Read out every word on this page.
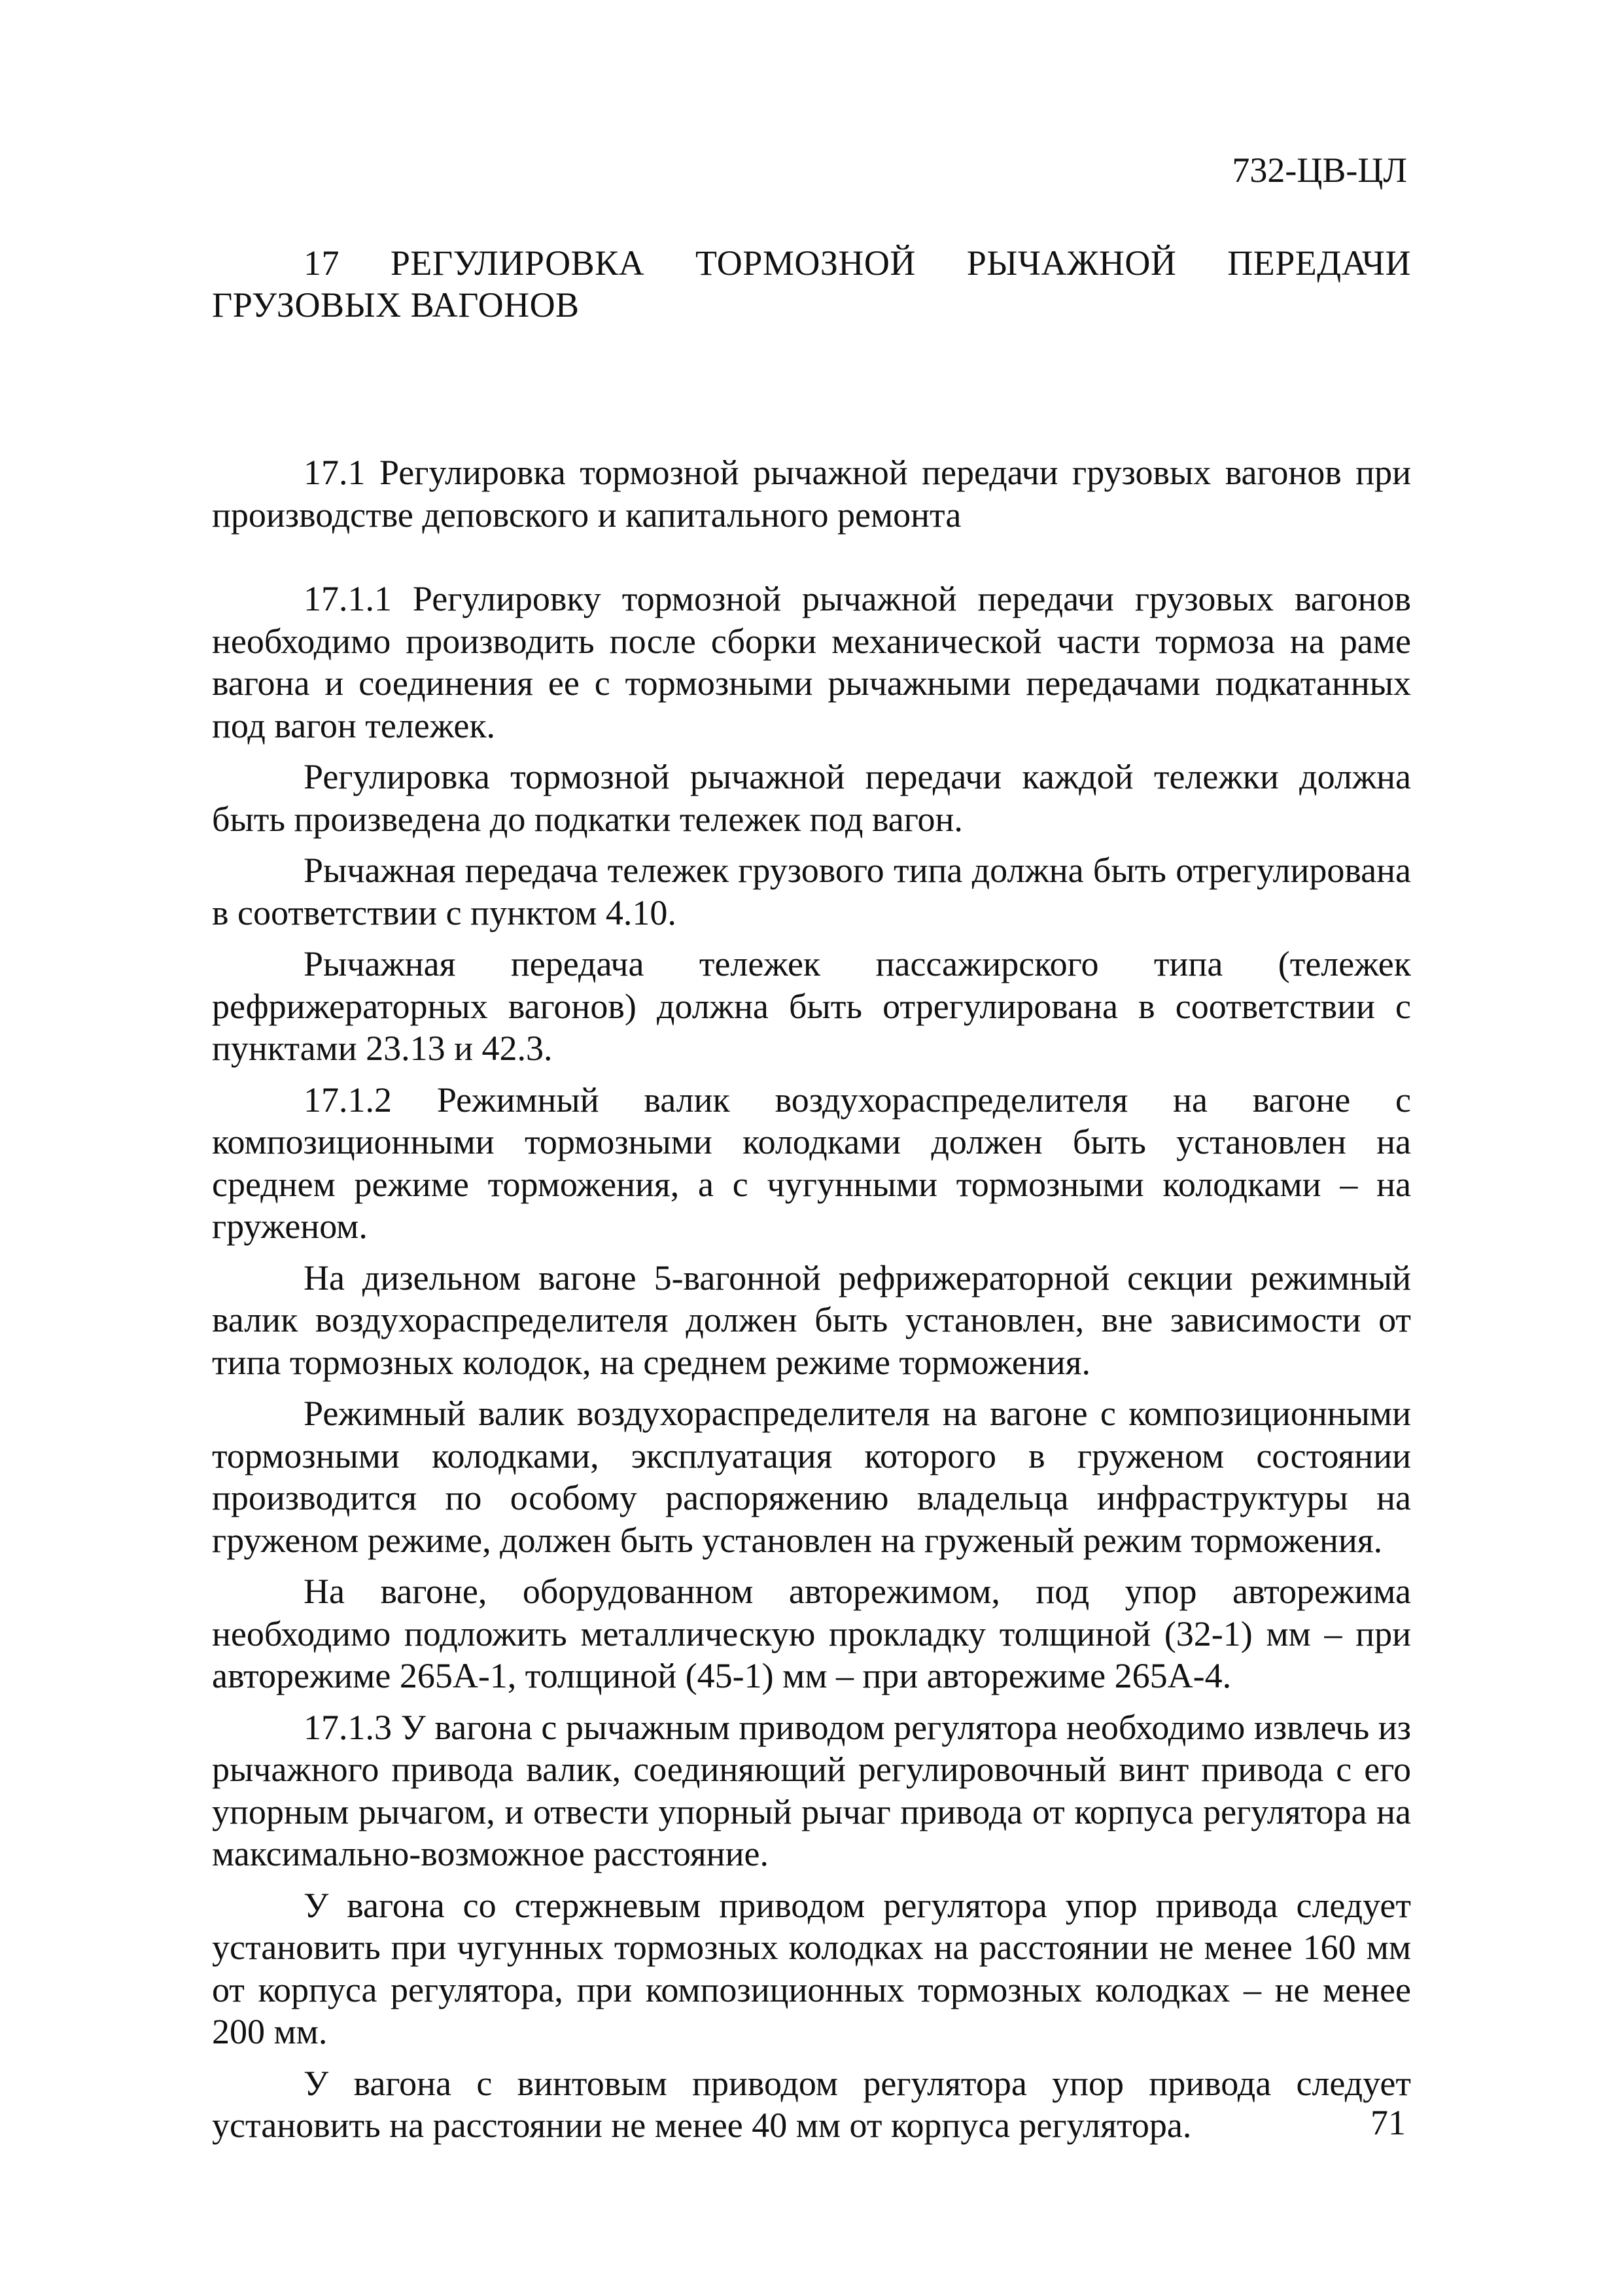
732-ЦВ-ЦЛ
17 РЕГУЛИРОВКА ТОРМОЗНОЙ РЫЧАЖНОЙ ПЕРЕДАЧИ ГРУЗОВЫХ ВАГОНОВ

17.1 Регулировка тормозной рычажной передачи грузовых вагонов при производстве деповского и капитального ремонта

17.1.1 Регулировку тормозной рычажной передачи грузовых вагонов необходимо производить после сборки механической части тормоза на раме вагона и соединения ее с тормозными рычажными передачами подкатанных под вагон тележек.

Регулировка тормозной рычажной передачи каждой тележки должна быть произведена до подкатки тележек под вагон.

Рычажная передача тележек грузового типа должна быть отрегулирована в соответствии с пунктом 4.10.

Рычажная передача тележек пассажирского типа (тележек рефрижераторных вагонов) должна быть отрегулирована в соответствии с пунктами 23.13 и 42.3.

17.1.2 Режимный валик воздухораспределителя на вагоне с композиционными тормозными колодками должен быть установлен на среднем режиме торможения, а с чугунными тормозными колодками – на груженом.

На дизельном вагоне 5-вагонной рефрижераторной секции режимный валик воздухораспределителя должен быть установлен, вне зависимости от типа тормозных колодок, на среднем режиме торможения.

Режимный валик воздухораспределителя на вагоне с композиционными тормозными колодками, эксплуатация которого в груженом состоянии производится по особому распоряжению владельца инфраструктуры на груженом режиме, должен быть установлен на груженый режим торможения.

На вагоне, оборудованном авторежимом, под упор авторежима необходимо подложить металлическую прокладку толщиной (32-1) мм – при авторежиме 265А-1, толщиной (45-1) мм – при авторежиме 265А-4.

17.1.3 У вагона с рычажным приводом регулятора необходимо извлечь из рычажного привода валик, соединяющий регулировочный винт привода с его упорным рычагом, и отвести упорный рычаг привода от корпуса регулятора на максимально-возможное расстояние.

У вагона со стержневым приводом регулятора упор привода следует установить при чугунных тормозных колодках на расстоянии не менее 160 мм от корпуса регулятора, при композиционных тормозных колодках – не менее 200 мм.

У вагона с винтовым приводом регулятора упор привода следует установить на расстоянии не менее 40 мм от корпуса регулятора.	71
